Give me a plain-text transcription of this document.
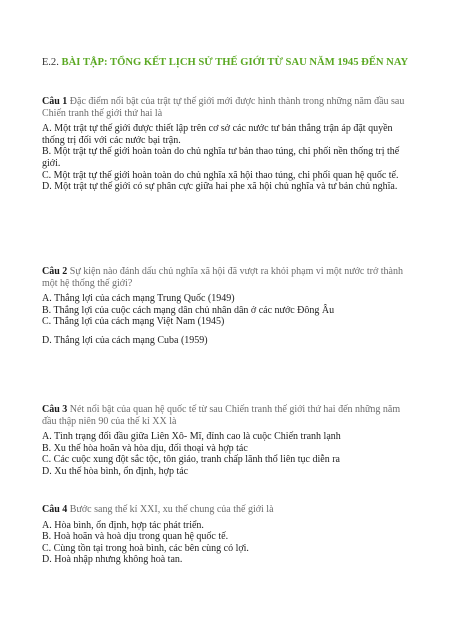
E.2. BÀI TẬP: TỔNG KẾT LỊCH SỬ THẾ GIỚI TỪ SAU NĂM 1945 ĐẾN NAY
Câu 1 Đặc điểm nổi bật của trật tự thế giới mới được hình thành trong những năm đầu sau Chiến tranh thế giới thứ hai là

A. Một trật tự thế giới được thiết lập trên cơ sở các nước tư bản thắng trận áp đặt quyền thống trị đối với các nước bại trận.

B. Một trật tự thế giới hoàn toàn do chủ nghĩa tư bản thao túng, chi phối nền thống trị thế giới.

C. Một trật tự thế giới hoàn toàn do chủ nghĩa xã hội thao túng, chi phối quan hệ quốc tế.

D. Một trật tự thế giới có sự phân cực giữa hai phe xã hội chủ nghĩa và tư bản chủ nghĩa.

Câu 2 Sự kiện nào đánh dấu chủ nghĩa xã hội đã vượt ra khỏi phạm vi một nước trở thành một hệ thống thế giới?

A. Thắng lợi của cách mạng Trung Quốc (1949)

B. Thắng lợi của cuộc cách mạng dân chủ nhân dân ở các nước Đông Âu

C. Thắng lợi của cách mạng Việt Nam (1945)

D. Thắng lợi của cách mạng Cuba (1959)

Câu 3 Nét nổi bật của quan hệ quốc tế từ sau Chiến tranh thế giới thứ hai đến những năm đầu thập niên 90 của thế kỉ XX là

A. Tình trạng đối đầu giữa Liên Xô- Mĩ, đỉnh cao là cuộc Chiến tranh lạnh

B. Xu thế hòa hoãn và hòa dịu, đối thoại và hợp tác

C. Các cuộc xung đột sắc tộc, tôn giáo, tranh chấp lãnh thổ liên tục diễn ra

D. Xu thế hòa bình, ổn định, hợp tác

Câu 4 Bước sang thế kỉ XXI, xu thế chung của thế giới là

A. Hòa bình, ổn định, hợp tác phát triển.

B. Hoà hoãn và hoà dịu trong quan hệ quốc tế.

C. Cùng tồn tại trong hoà bình, các bên cùng có lợi.

D. Hoà nhập nhưng không hoà tan.
